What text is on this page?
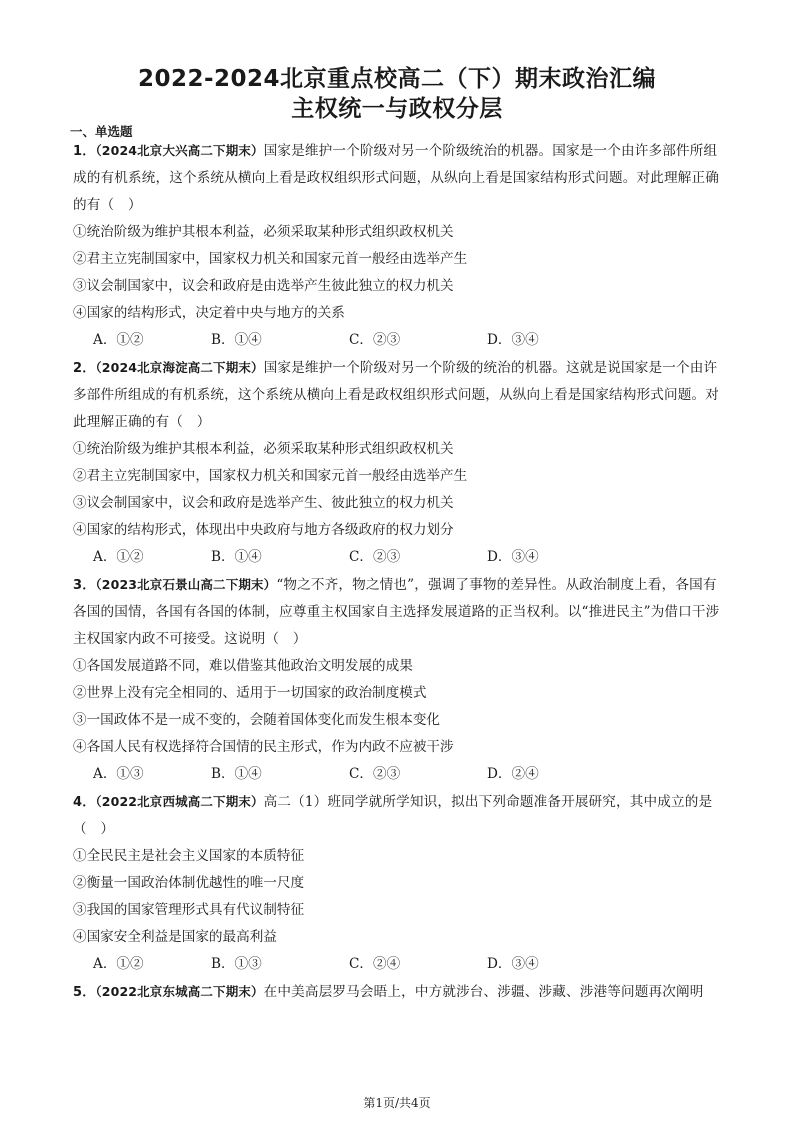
2022-2024北京重点校高二（下）期末政治汇编
主权统一与政权分层
一、单选题
1．（2024北京大兴高二下期末）国家是维护一个阶级对另一个阶级统治的机器。国家是一个由许多部件所组成的有机系统，这个系统从横向上看是政权组织形式问题，从纵向上看是国家结构形式问题。对此理解正确的有（　）
①统治阶级为维护其根本利益，必须采取某种形式组织政权机关
②君主立宪制国家中，国家权力机关和国家元首一般经由选举产生
③议会制国家中，议会和政府是由选举产生彼此独立的权力机关
④国家的结构形式，决定着中央与地方的关系
A．①②	B．①④	C．②③	D．③④
2．（2024北京海淀高二下期末）国家是维护一个阶级对另一个阶级的统治的机器。这就是说国家是一个由许多部件所组成的有机系统，这个系统从横向上看是政权组织形式问题，从纵向上看是国家结构形式问题。对此理解正确的有（　）
①统治阶级为维护其根本利益，必须采取某种形式组织政权机关
②君主立宪制国家中，国家权力机关和国家元首一般经由选举产生
③议会制国家中，议会和政府是选举产生、彼此独立的权力机关
④国家的结构形式，体现出中央政府与地方各级政府的权力划分
A．①②	B．①④	C．②③	D．③④
3．（2023北京石景山高二下期末）“物之不齐，物之情也”，强调了事物的差异性。从政治制度上看，各国有各国的国情，各国有各国的体制，应尊重主权国家自主选择发展道路的正当权利。以“推进民主”为借口干涉主权国家内政不可接受。这说明（　）
①各国发展道路不同，难以借鉴其他政治文明发展的成果
②世界上没有完全相同的、适用于一切国家的政治制度模式
③一国政体不是一成不变的，会随着国体变化而发生根本变化
④各国人民有权选择符合国情的民主形式，作为内政不应被干涉
A．①③	B．①④	C．②③	D．②④
4．（2022北京西城高二下期末）高二（1）班同学就所学知识，拟出下列命题准备开展研究，其中成立的是（　）
①全民民主是社会主义国家的本质特征
②衡量一国政治体制优越性的唯一尺度
③我国的国家管理形式具有代议制特征
④国家安全利益是国家的最高利益
A．①②	B．①③	C．②④	D．③④
5．（2022北京东城高二下期末）在中美高层罗马会晤上，中方就涉台、涉疆、涉藏、涉港等问题再次阐明
第1页/共4页
